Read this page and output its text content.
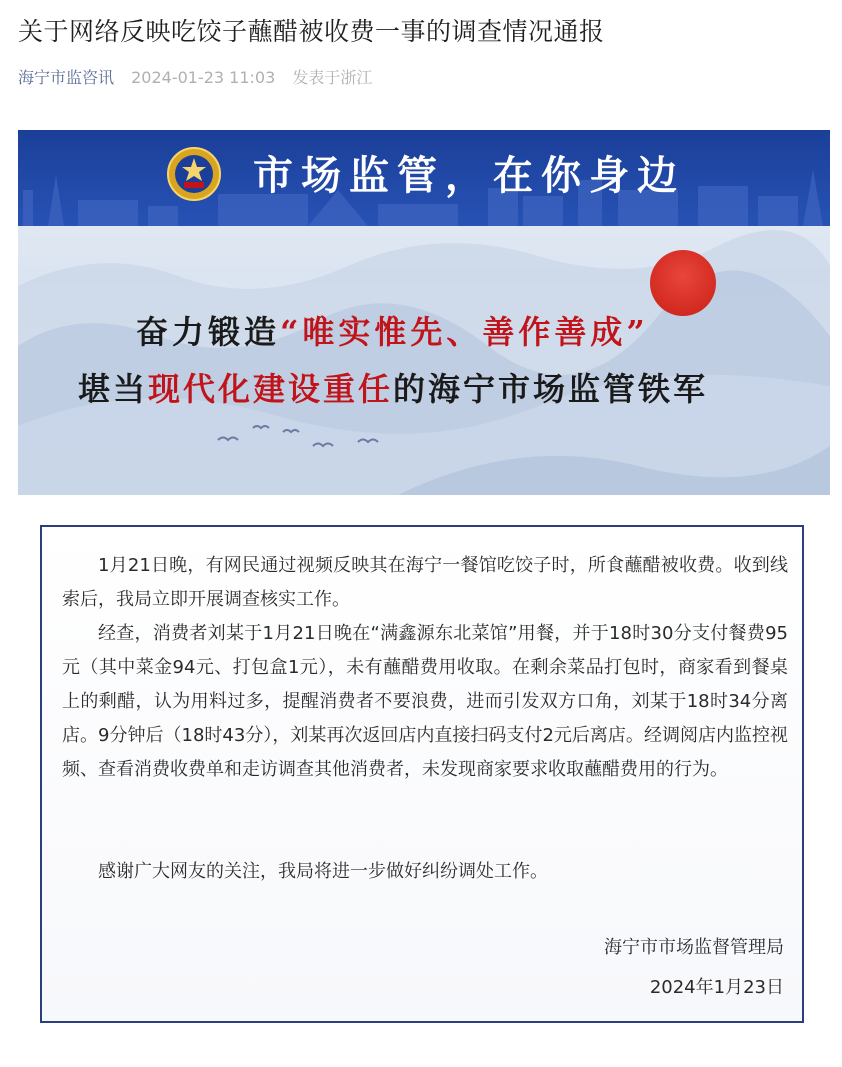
关于网络反映吃饺子蘸醋被收费一事的调查情况通报
海宁市监咨讯 2024-01-23 11:03 发表于浙江
市场监管，在你身边
奋力锻造“唯实惟先、善作善成”
堪当现代化建设重任的海宁市场监管铁军
1月21日晚，有网民通过视频反映其在海宁一餐馆吃饺子时，所食蘸醋被收费。收到线索后，我局立即开展调查核实工作。
经查，消费者刘某于1月21日晚在“满鑫源东北菜馆”用餐，并于18时30分支付餐费95元（其中菜金94元、打包盒1元），未有蘸醋费用收取。在剩余菜品打包时，商家看到餐桌上的剩醋，认为用料过多，提醒消费者不要浪费，进而引发双方口角，刘某于18时34分离店。9分钟后（18时43分），刘某再次返回店内直接扫码支付2元后离店。经调阅店内监控视频、查看消费收费单和走访调查其他消费者，未发现商家要求收取蘸醋费用的行为。
感谢广大网友的关注，我局将进一步做好纠纷调处工作。
海宁市市场监督管理局
2024年1月23日
